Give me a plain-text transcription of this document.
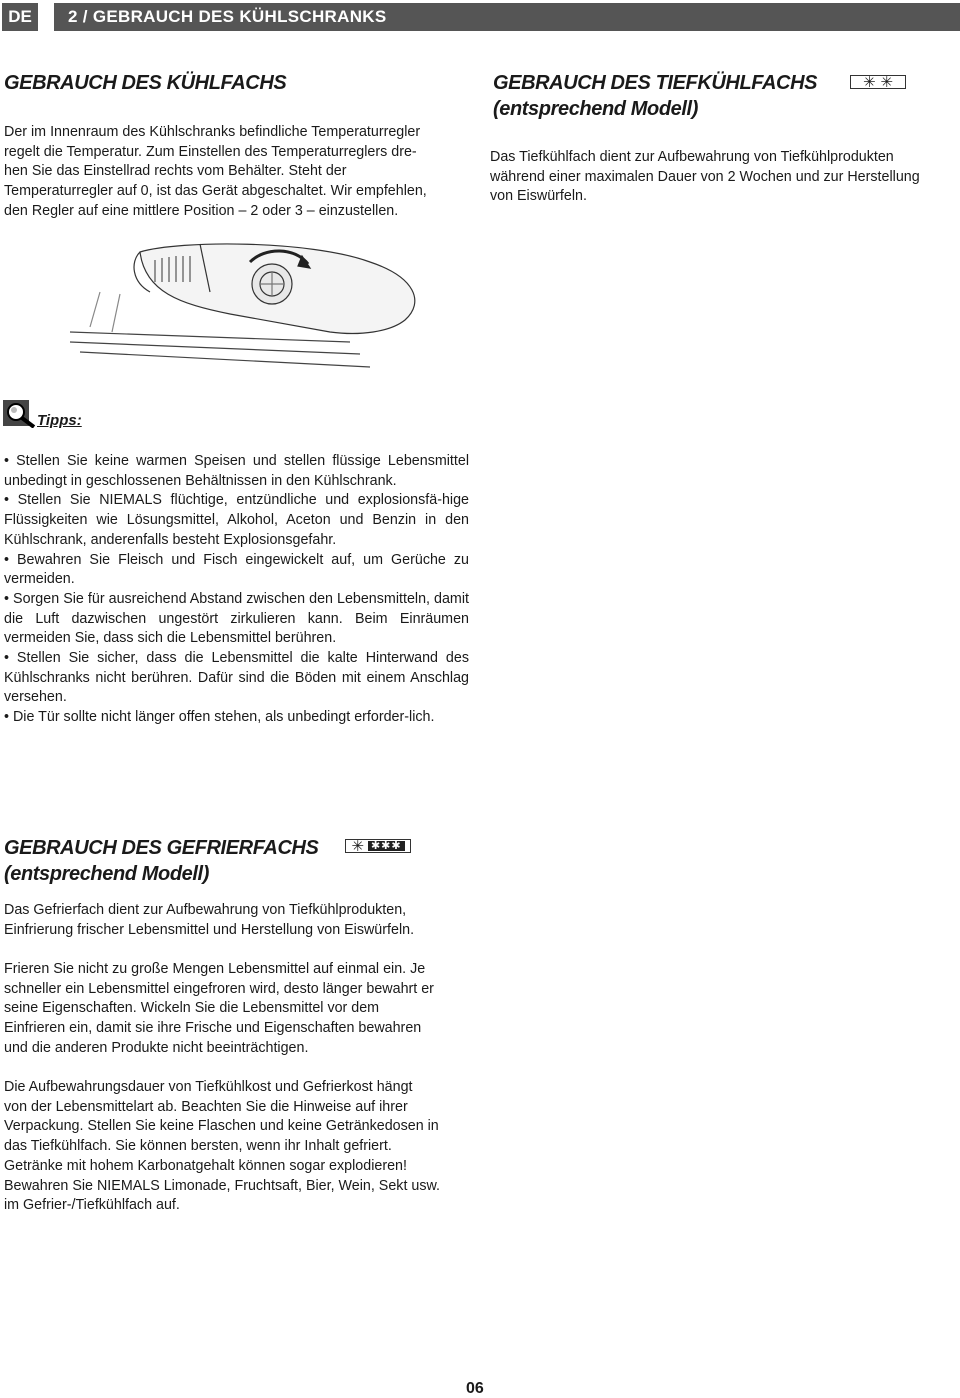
DE	2 / GEBRAUCH DES KÜHLSCHRANKS
GEBRAUCH DES KÜHLFACHS
Der im Innenraum des Kühlschranks befindliche Temperaturregler
regelt die Temperatur. Zum Einstellen des Temperaturreglers dre-
hen Sie das Einstellrad rechts vom Behälter. Steht der
Temperaturregler auf 0, ist das Gerät abgeschaltet. Wir empfehlen,
den Regler auf eine mittlere Position – 2 oder 3 – einzustellen.
GEBRAUCH DES TIEFKÜHLFACHS
(entsprechend Modell)
✳ ✳
Das Tiefkühlfach dient zur Aufbewahrung von Tiefkühlprodukten
während einer maximalen Dauer von 2 Wochen und zur Herstellung
von Eiswürfeln.
Tipps:
• Stellen Sie keine warmen Speisen und stellen flüssige Lebensmittel unbedingt in geschlossenen Behältnissen in den Kühlschrank.
• Stellen Sie NIEMALS flüchtige, entzündliche und explosionsfä-hige Flüssigkeiten wie Lösungsmittel, Alkohol, Aceton und Benzin in den Kühlschrank, anderenfalls besteht Explosionsgefahr.
• Bewahren Sie Fleisch und Fisch eingewickelt auf, um Gerüche zu vermeiden.
• Sorgen Sie für ausreichend Abstand zwischen den Lebensmitteln, damit die Luft dazwischen ungestört zirkulieren kann. Beim Einräumen vermeiden Sie, dass sich die Lebensmittel berühren.
• Stellen Sie sicher, dass die Lebensmittel die kalte Hinterwand des Kühlschranks nicht berühren. Dafür sind die Böden mit einem Anschlag versehen.
• Die Tür sollte nicht länger offen stehen, als unbedingt erforder-lich.
GEBRAUCH DES GEFRIERFACHS
(entsprechend Modell)
✳ ✱✱✱
Das Gefrierfach dient zur Aufbewahrung von Tiefkühlprodukten,
Einfrierung frischer Lebensmittel und Herstellung von Eiswürfeln.
Frieren Sie nicht zu große Mengen Lebensmittel auf einmal ein. Je
schneller ein Lebensmittel eingefroren wird, desto länger bewahrt er
seine Eigenschaften. Wickeln Sie die Lebensmittel vor dem
Einfrieren ein, damit sie ihre Frische und Eigenschaften bewahren
und die anderen Produkte nicht beeinträchtigen.
Die Aufbewahrungsdauer von Tiefkühlkost und Gefrierkost hängt
von der Lebensmittelart ab. Beachten Sie die Hinweise auf ihrer
Verpackung. Stellen Sie keine Flaschen und keine Getränkedosen in
das Tiefkühlfach. Sie können bersten, wenn ihr Inhalt gefriert.
Getränke mit hohem Karbonatgehalt können sogar explodieren!
Bewahren Sie NIEMALS Limonade, Fruchtsaft, Bier, Wein, Sekt usw.
im Gefrier-/Tiefkühlfach auf.
06
